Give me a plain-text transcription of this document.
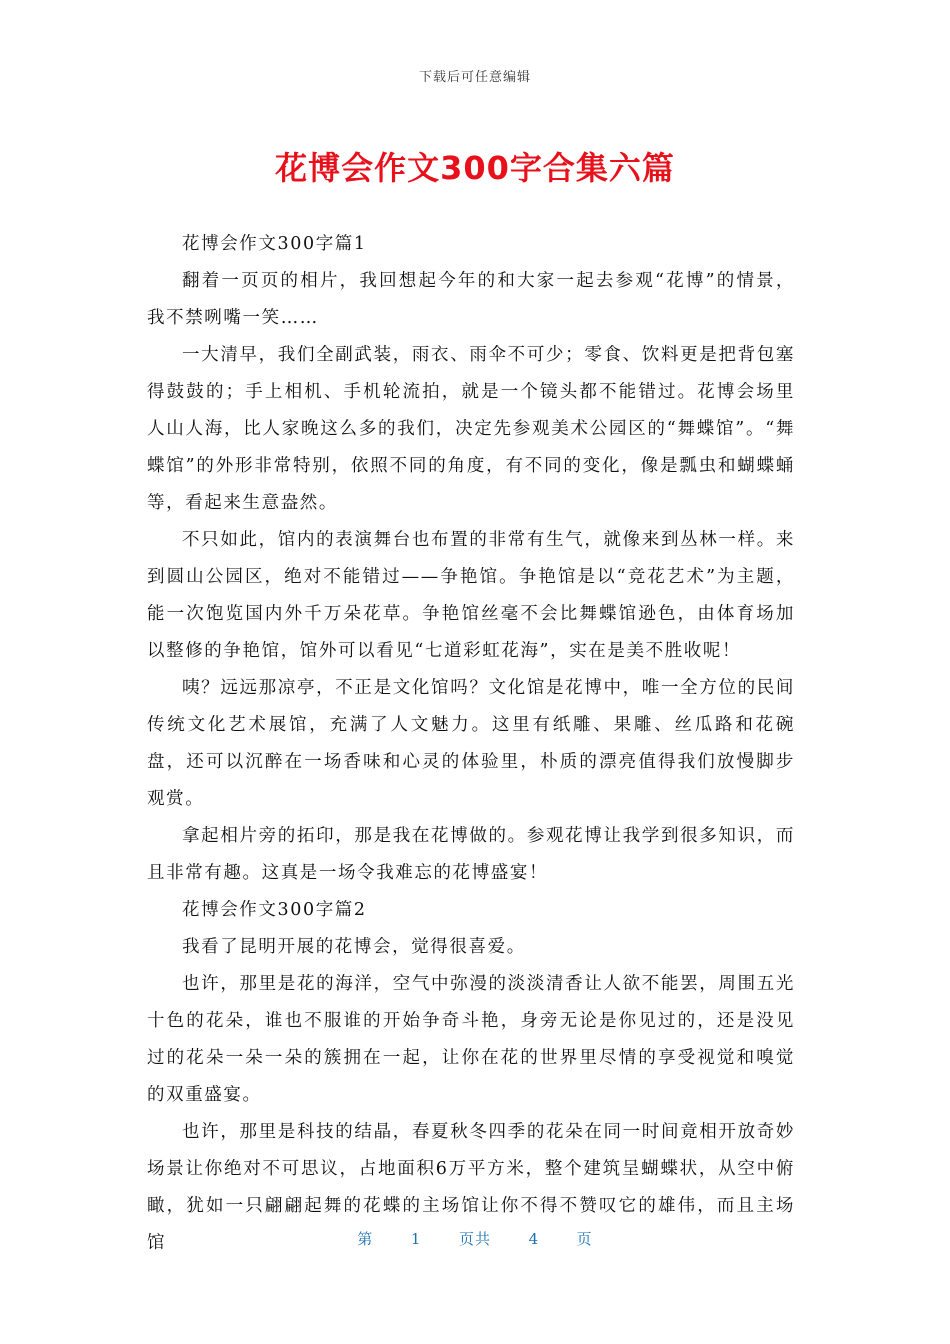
下载后可任意编辑
花博会作文300字合集六篇

花博会作文300字篇1

翻着一页页的相片，我回想起今年的和大家一起去参观“花博”的情景，我不禁咧嘴一笑……

一大清早，我们全副武装，雨衣、雨伞不可少；零食、饮料更是把背包塞得鼓鼓的；手上相机、手机轮流拍，就是一个镜头都不能错过。花博会场里人山人海，比人家晚这么多的我们，决定先参观美术公园区的“舞蝶馆”。“舞蝶馆”的外形非常特别，依照不同的角度，有不同的变化，像是瓢虫和蝴蝶蛹等，看起来生意盎然。

不只如此，馆内的表演舞台也布置的非常有生气，就像来到丛林一样。来到圆山公园区，绝对不能错过——争艳馆。争艳馆是以“竞花艺术”为主题，能一次饱览国内外千万朵花草。争艳馆丝毫不会比舞蝶馆逊色，由体育场加以整修的争艳馆，馆外可以看见“七道彩虹花海”，实在是美不胜收呢！

咦？远远那凉亭，不正是文化馆吗？文化馆是花博中，唯一全方位的民间传统文化艺术展馆，充满了人文魅力。这里有纸雕、果雕、丝瓜路和花碗盘，还可以沉醉在一场香味和心灵的体验里，朴质的漂亮值得我们放慢脚步观赏。

拿起相片旁的拓印，那是我在花博做的。参观花博让我学到很多知识，而且非常有趣。这真是一场令我难忘的花博盛宴！

花博会作文300字篇2

我看了昆明开展的花博会，觉得很喜爱。

也许，那里是花的海洋，空气中弥漫的淡淡清香让人欲不能罢，周围五光十色的花朵，谁也不服谁的开始争奇斗艳，身旁无论是你见过的，还是没见过的花朵一朵一朵的簇拥在一起，让你在花的世界里尽情的享受视觉和嗅觉的双重盛宴。

也许，那里是科技的结晶，春夏秋冬四季的花朵在同一时间竟相开放奇妙场景让你绝对不可思议，占地面积6万平方米，整个建筑呈蝴蝶状，从空中俯瞰，犹如一只翩翩起舞的花蝶的主场馆让你不得不赞叹它的雄伟，而且主场馆	第	1	页共	4	页
